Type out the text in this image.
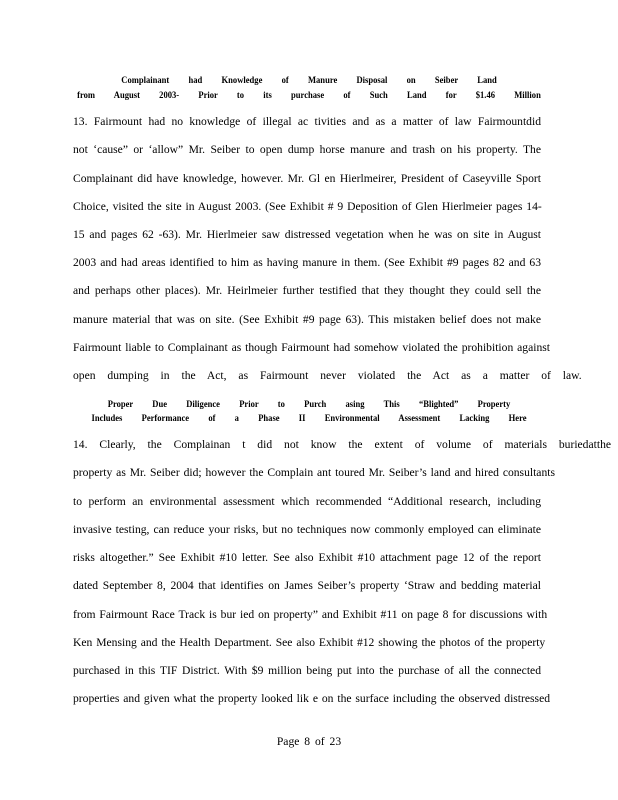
Complainant had Knowledge of Manure Disposal on Seiber Land
from August 2003- Prior to its purchase of Such Land for $1.46 Million
13. Fairmount had no knowledge of illegal ac tivities and as a matter of law Fairmountdid
not ‘cause” or ‘allow” Mr. Seiber to open dump horse manure and trash on his property. The
Complainant did have knowledge, however. Mr. Gl en Hierlmeirer, President of Caseyville Sport
Choice, visited the site in August 2003. (See Exhibit # 9 Deposition of Glen Hierlmeier pages 14-
15 and pages 62 -63). Mr. Hierlmeier saw distressed vegetation when he was on site in August
2003 and had areas identified to him as having manure in them. (See Exhibit #9 pages 82 and 63
and perhaps other places). Mr. Heirlmeier further testified that they thought they could sell the
manure material that was on site. (See Exhibit #9 page 63). This mistaken belief does not make
Fairmount liable to Complainant as though Fairmount had somehow violated the prohibition against
open dumping in the Act, as Fairmount never violated the Act as a matter of law.
Proper Due Diligence Prior to Purch asing This “Blighted” Property
Includes Performance of a Phase II Environmental Assessment Lacking Here
14. Clearly, the Complainan t did not know the extent of volume of materials buriedatthe
property as Mr. Seiber did; however the Complain ant toured Mr. Seiber’s land and hired consultants
to perform an environmental assessment which recommended “Additional research, including
invasive testing, can reduce your risks, but no techniques now commonly employed can eliminate
risks altogether.” See Exhibit #10 letter. See also Exhibit #10 attachment page 12 of the report
dated September 8, 2004 that identifies on James Seiber’s property ‘Straw and bedding material
from Fairmount Race Track is bur ied on property” and Exhibit #11 on page 8 for discussions with
Ken Mensing and the Health Department. See also Exhibit #12 showing the photos of the property
purchased in this TIF District. With $9 million being put into the purchase of all the connected
properties and given what the property looked lik e on the surface including the observed distressed
Page 8 of 23
